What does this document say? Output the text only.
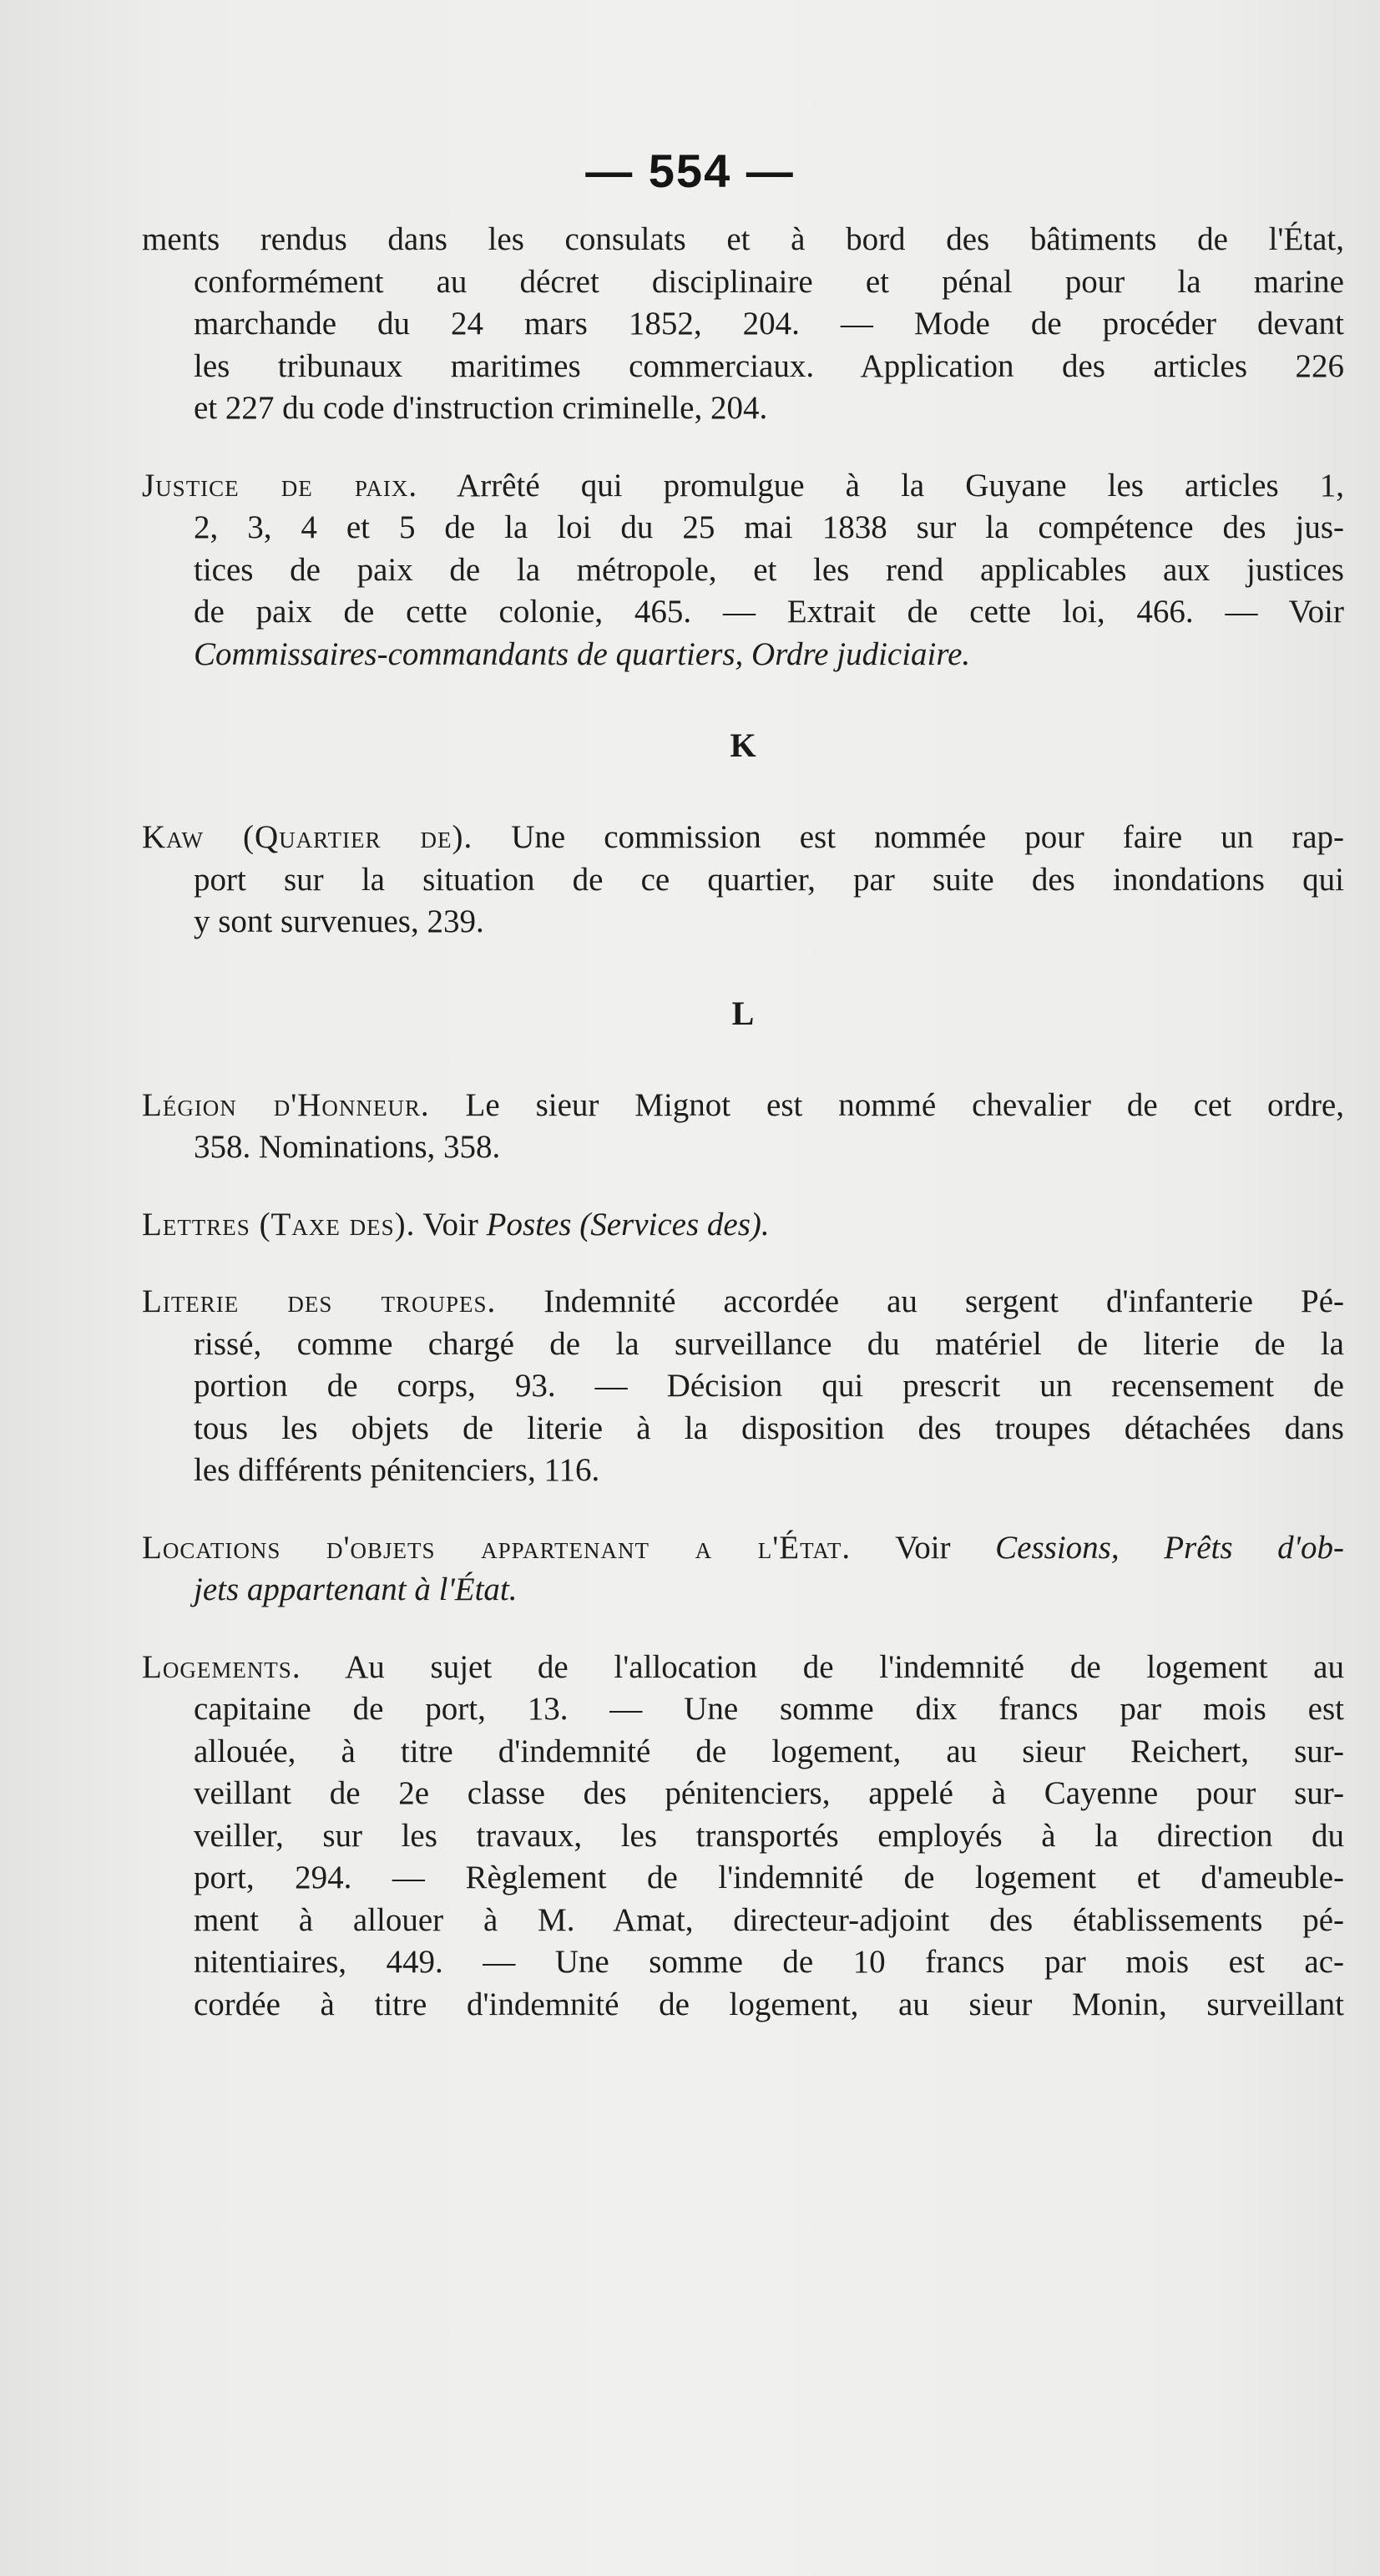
— 554 —
ments rendus dans les consulats et à bord des bâtiments de l'État,
conformément au décret disciplinaire et pénal pour la marine
marchande du 24 mars 1852, 204. — Mode de procéder devant
les tribunaux maritimes commerciaux. Application des articles 226
et 227 du code d'instruction criminelle, 204.
Justice de paix. Arrêté qui promulgue à la Guyane les articles 1,
2, 3, 4 et 5 de la loi du 25 mai 1838 sur la compétence des jus-
tices de paix de la métropole, et les rend applicables aux justices
de paix de cette colonie, 465. — Extrait de cette loi, 466. — Voir
Commissaires-commandants de quartiers, Ordre judiciaire.
K
Kaw (Quartier de). Une commission est nommée pour faire un rap-
port sur la situation de ce quartier, par suite des inondations qui
y sont survenues, 239.
L
Légion d'Honneur. Le sieur Mignot est nommé chevalier de cet ordre,
358. Nominations, 358.
Lettres (Taxe des). Voir Postes (Services des).
Literie des troupes. Indemnité accordée au sergent d'infanterie Pé-
rissé, comme chargé de la surveillance du matériel de literie de la
portion de corps, 93. — Décision qui prescrit un recensement de
tous les objets de literie à la disposition des troupes détachées dans
les différents pénitenciers, 116.
Locations d'objets appartenant a l'État. Voir Cessions, Prêts d'ob-
jets appartenant à l'État.
Logements. Au sujet de l'allocation de l'indemnité de logement au
capitaine de port, 13. — Une somme dix francs par mois est
allouée, à titre d'indemnité de logement, au sieur Reichert, sur-
veillant de 2e classe des pénitenciers, appelé à Cayenne pour sur-
veiller, sur les travaux, les transportés employés à la direction du
port, 294. — Règlement de l'indemnité de logement et d'ameuble-
ment à allouer à M. Amat, directeur-adjoint des établissements pé-
nitentiaires, 449. — Une somme de 10 francs par mois est ac-
cordée à titre d'indemnité de logement, au sieur Monin, surveillant
